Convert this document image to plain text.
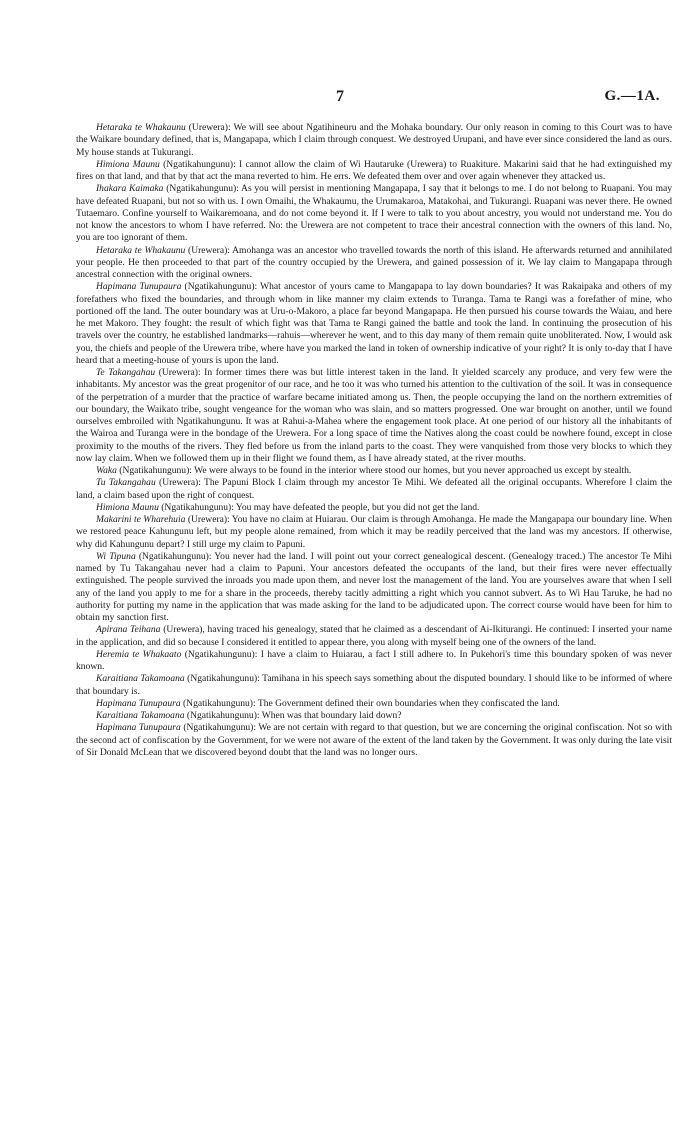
7	G.—1A.

Hetaraka te Whakaunu (Urewera): We will see about Ngatihineuru and the Mohaka boundary. Our only reason in coming to this Court was to have the Waikare boundary defined, that is, Mangapapa, which I claim through conquest. We destroyed Urupani, and have ever since considered the land as ours. My house stands at Tukurangi.

Himiona Maunu (Ngatikahungunu): I cannot allow the claim of Wi Hautaruke (Urewera) to Ruakiture. Makarini said that he had extinguished my fires on that land, and that by that act the mana reverted to him. He errs. We defeated them over and over again whenever they attacked us.

Ihakara Kaimaka (Ngatikahungunu): As you will persist in mentioning Mangapapa, I say that it belongs to me. I do not belong to Ruapani. You may have defeated Ruapani, but not so with us. I own Omaihi, the Whakaumu, the Urumakaroa, Matakohai, and Tukurangi. Ruapani was never there. He owned Tutaemaro. Confine yourself to Waikaremoana, and do not come beyond it. If I were to talk to you about ancestry, you would not understand me. You do not know the ancestors to whom I have referred. No: the Urewera are not competent to trace their ancestral connection with the owners of this land. No, you are too ignorant of them.

Hetaraka te Whakaunu (Urewera): Amohanga was an ancestor who travelled towards the north of this island. He afterwards returned and annihilated your people. He then proceeded to that part of the country occupied by the Urewera, and gained possession of it. We lay claim to Mangapapa through ancestral connection with the original owners.

Hapimana Tunupaura (Ngatikahungunu): What ancestor of yours came to Mangapapa to lay down boundaries? It was Rakaipaka and others of my forefathers who fixed the boundaries, and through whom in like manner my claim extends to Turanga. Tama te Rangi was a forefather of mine, who portioned off the land. The outer boundary was at Uru-o-Makoro, a place far beyond Mangapapa. He then pursued his course towards the Waiau, and here he met Makoro. They fought: the result of which fight was that Tama te Rangi gained the battle and took the land. In continuing the prosecution of his travels over the country, he established landmarks—rahuis—wherever he went, and to this day many of them remain quite unobliterated. Now, I would ask you, the chiefs and people of the Urewera tribe, where have you marked the land in token of ownership indicative of your right? It is only to-day that I have heard that a meeting-house of yours is upon the land.

Te Takangahau (Urewera): In former times there was but little interest taken in the land. It yielded scarcely any produce, and very few were the inhabitants. My ancestor was the great progenitor of our race, and he too it was who turned his attention to the cultivation of the soil. It was in consequence of the perpetration of a murder that the practice of warfare became initiated among us. Then, the people occupying the land on the northern extremities of our boundary, the Waikato tribe, sought vengeance for the woman who was slain, and so matters progressed. One war brought on another, until we found ourselves embroiled with Ngatikahungunu. It was at Rahui-a-Mahea where the engagement took place. At one period of our history all the inhabitants of the Wairoa and Turanga were in the bondage of the Urewera. For a long space of time the Natives along the coast could be nowhere found, except in close proximity to the mouths of the rivers. They fled before us from the inland parts to the coast. They were vanquished from those very blocks to which they now lay claim. When we followed them up in their flight we found them, as I have already stated, at the river mouths.

Waka (Ngatikahungunu): We were always to be found in the interior where stood our homes, but you never approached us except by stealth.

Tu Takangahau (Urewera): The Papuni Block I claim through my ancestor Te Mihi. We defeated all the original occupants. Wherefore I claim the land, a claim based upon the right of conquest.

Himiona Maunu (Ngatikahungunu): You may have defeated the people, but you did not get the land.

Makarini te Wharehuia (Urewera): You have no claim at Huiarau. Our claim is through Amohanga. He made the Mangapapa our boundary line. When we restored peace Kahungunu left, but my people alone remained, from which it may be readily perceived that the land was my ancestors. If otherwise, why did Kahungunu depart? I still urge my claim to Papuni.

Wi Tipuna (Ngatikahungunu): You never had the land. I will point out your correct genealogical descent. (Genealogy traced.) The ancestor Te Mihi named by Tu Takangahau never had a claim to Papuni. Your ancestors defeated the occupants of the land, but their fires were never effectually extinguished. The people survived the inroads you made upon them, and never lost the management of the land. You are yourselves aware that when I sell any of the land you apply to me for a share in the proceeds, thereby tacitly admitting a right which you cannot subvert. As to Wi Hau Taruke, he had no authority for putting my name in the application that was made asking for the land to be adjudicated upon. The correct course would have been for him to obtain my sanction first.

Apirana Teihana (Urewera), having traced his genealogy, stated that he claimed as a descendant of Ai-Ikiturangi. He continued: I inserted your name in the application, and did so because I considered it entitled to appear there, you along with myself being one of the owners of the land.

Heremia te Whakaato (Ngatikahungunu): I have a claim to Huiarau, a fact I still adhere to. In Pukehori's time this boundary spoken of was never known.

Karaitiana Takamoana (Ngatikahungunu): Tamihana in his speech says something about the disputed boundary. I should like to be informed of where that boundary is.

Hapimana Tunupaura (Ngatikahungunu): The Government defined their own boundaries when they confiscated the land.

Karaitiana Takamoana (Ngatikahungunu): When was that boundary laid down?

Hapimana Tunupaura (Ngatikahungunu): We are not certain with regard to that question, but we are concerning the original confiscation. Not so with the second act of confiscation by the Government, for we were not aware of the extent of the land taken by the Government. It was only during the late visit of Sir Donald McLean that we discovered beyond doubt that the land was no longer ours.
